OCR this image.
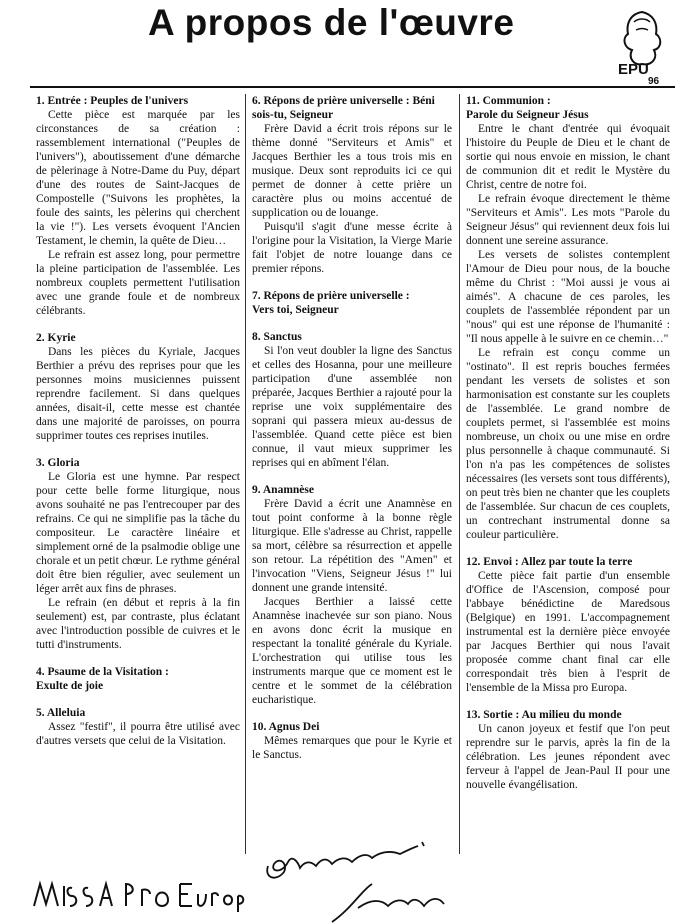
A propos de l'œuvre
EPU
96
1. Entrée : Peuples de l'univers

Cette pièce est marquée par les circonstances de sa création : rassemblement international ("Peuples de l'univers"), aboutissement d'une démarche de pèlerinage à Notre-Dame du Puy, départ d'une des routes de Saint-Jacques de Compostelle ("Suivons les prophètes, la foule des saints, les pèlerins qui cherchent la vie !"). Les versets évoquent l'Ancien Testament, le chemin, la quête de Dieu…

Le refrain est assez long, pour permettre la pleine participation de l'assemblée. Les nombreux couplets permettent l'utilisation avec une grande foule et de nombreux célébrants.

2. Kyrie

Dans les pièces du Kyriale, Jacques Berthier a prévu des reprises pour que les personnes moins musiciennes puissent reprendre facilement. Si dans quelques années, disait-il, cette messe est chantée dans une majorité de paroisses, on pourra supprimer toutes ces reprises inutiles.

3. Gloria

Le Gloria est une hymne. Par respect pour cette belle forme liturgique, nous avons souhaité ne pas l'entrecouper par des refrains. Ce qui ne simplifie pas la tâche du compositeur. Le caractère linéaire et simplement orné de la psalmodie oblige une chorale et un petit chœur. Le rythme général doit être bien régulier, avec seulement un léger arrêt aux fins de phrases.

Le refrain (en début et repris à la fin seulement) est, par contraste, plus éclatant avec l'introduction possible de cuivres et le tutti d'instruments.

4. Psaume de la Visitation :
Exulte de joie
5. Alleluia

Assez "festif", il pourra être utilisé avec d'autres versets que celui de la Visitation.

6. Répons de prière universelle : Béni sois-tu, Seigneur

Frère David a écrit trois répons sur le thème donné "Serviteurs et Amis" et Jacques Berthier les a tous trois mis en musique. Deux sont reproduits ici ce qui permet de donner à cette prière un caractère plus ou moins accentué de supplication ou de louange.

Puisqu'il s'agit d'une messe écrite à l'origine pour la Visitation, la Vierge Marie fait l'objet de notre louange dans ce premier répons.

7. Répons de prière universelle :
Vers toi, Seigneur
8. Sanctus

Si l'on veut doubler la ligne des Sanctus et celles des Hosanna, pour une meilleure participation d'une assemblée non préparée, Jacques Berthier a rajouté pour la reprise une voix supplémentaire des soprani qui passera mieux au-dessus de l'assemblée. Quand cette pièce est bien connue, il vaut mieux supprimer les reprises qui en abîment l'élan.

9. Anamnèse

Frère David a écrit une Anamnèse en tout point conforme à la bonne règle liturgique. Elle s'adresse au Christ, rappelle sa mort, célèbre sa résurrection et appelle son retour. La répétition des "Amen" et l'invocation "Viens, Seigneur Jésus !" lui donnent une grande intensité.

Jacques Berthier a laissé cette Anamnèse inachevée sur son piano. Nous en avons donc écrit la musique en respectant la tonalité générale du Kyriale. L'orchestration qui utilise tous les instruments marque que ce moment est le centre et le sommet de la célébration eucharistique.

10. Agnus Dei

Mêmes remarques que pour le Kyrie et le Sanctus.

11. Communion :
Parole du Seigneur Jésus

Entre le chant d'entrée qui évoquait l'histoire du Peuple de Dieu et le chant de sortie qui nous envoie en mission, le chant de communion dit et redit le Mystère du Christ, centre de notre foi.

Le refrain évoque directement le thème "Serviteurs et Amis". Les mots "Parole du Seigneur Jésus" qui reviennent deux fois lui donnent une sereine assurance.

Les versets de solistes contemplent l'Amour de Dieu pour nous, de la bouche même du Christ : "Moi aussi je vous ai aimés". A chacune de ces paroles, les couplets de l'assemblée répondent par un "nous" qui est une réponse de l'humanité : "Il nous appelle à le suivre en ce chemin…"

Le refrain est conçu comme un "ostinato". Il est repris bouches fermées pendant les versets de solistes et son harmonisation est constante sur les couplets de l'assemblée. Le grand nombre de couplets permet, si l'assemblée est moins nombreuse, un choix ou une mise en ordre plus personnelle à chaque communauté. Si l'on n'a pas les compétences de solistes nécessaires (les versets sont tous différents), on peut très bien ne chanter que les couplets de l'assemblée. Sur chacun de ces couplets, un contrechant instrumental donne sa couleur particulière.

12. Envoi : Allez par toute la terre

Cette pièce fait partie d'un ensemble d'Office de l'Ascension, composé pour l'abbaye bénédictine de Maredsous (Belgique) en 1991. L'accompagnement instrumental est la dernière pièce envoyée par Jacques Berthier qui nous l'avait proposée comme chant final car elle correspondait très bien à l'esprit de l'ensemble de la Missa pro Europa.

13. Sortie : Au milieu du monde

Un canon joyeux et festif que l'on peut reprendre sur le parvis, après la fin de la célébration. Les jeunes répondent avec ferveur à l'appel de Jean-Paul II pour une nouvelle évangélisation.
